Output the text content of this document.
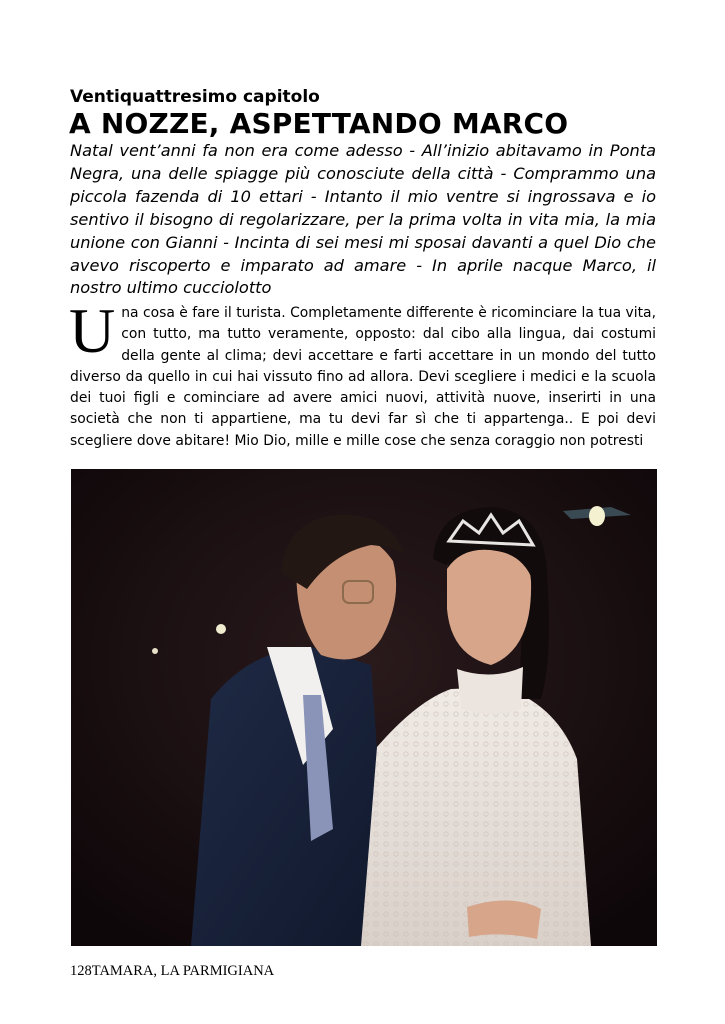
Ventiquattresimo capitolo
A NOZZE, ASPETTANDO MARCO
Natal vent’anni fa non era come adesso - All’inizio abitavamo in Ponta Negra, una delle spiagge più conosciute della città - Comprammo una piccola fazenda di 10 ettari - Intanto il mio ventre si ingrossava e io sentivo il bisogno di regolarizzare, per la prima volta in vita mia, la mia unione con Gianni - Incinta di sei mesi mi sposai davanti a quel Dio che avevo riscoperto e imparato ad amare - In aprile nacque Marco, il nostro ultimo cucciolotto
Una cosa è fare il turista. Completamente differente è ricominciare la tua vita, con tutto, ma tutto veramente, opposto: dal cibo alla lingua, dai costumi della gente al clima; devi accettare e farti accettare in un mondo del tutto diverso da quello in cui hai vissuto fino ad allora. Devi scegliere i medici e la scuola dei tuoi figli e cominciare ad avere amici nuovi, attività nuove, inserirti in una società che non ti appartiene, ma tu devi far sì che ti appartenga.. E poi devi scegliere dove abitare! Mio Dio, mille e mille cose che senza coraggio non potresti
128TAMARA, LA PARMIGIANA
